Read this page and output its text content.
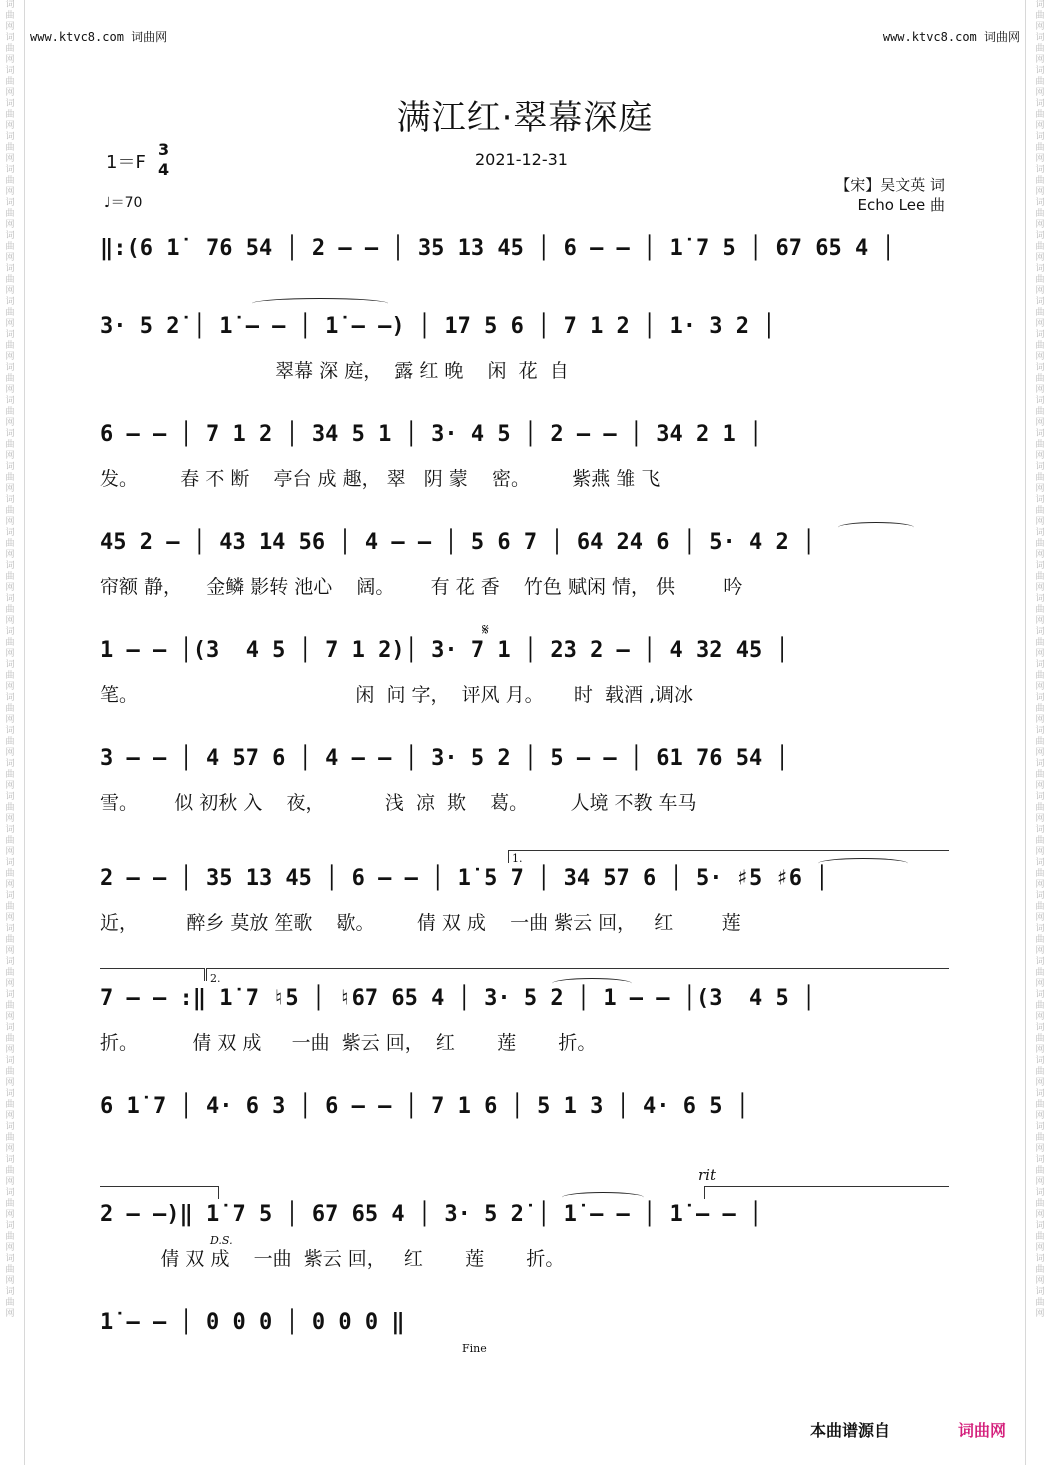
词曲网词曲网词曲网词曲网词曲网词曲网词曲网词曲网词曲网词曲网词曲网词曲网词曲网词曲网词曲网词曲网词曲网词曲网词曲网词曲网词曲网词曲网词曲网词曲网词曲网词曲网词曲网词曲网词曲网词曲网词曲网词曲网词曲网词曲网词曲网词曲网词曲网词曲网词曲网词曲网
词曲网词曲网词曲网词曲网词曲网词曲网词曲网词曲网词曲网词曲网词曲网词曲网词曲网词曲网词曲网词曲网词曲网词曲网词曲网词曲网词曲网词曲网词曲网词曲网词曲网词曲网词曲网词曲网词曲网词曲网词曲网词曲网词曲网词曲网词曲网词曲网词曲网词曲网词曲网词曲网
www.ktvc8.com 词曲网	www.ktvc8.com 词曲网
满江红·翠幕深庭
2021-12-31
1＝F
3
4
♩＝70
【宋】吴文英 词
Echo Lee 曲
‖:(6 1̇  76 54 │ 2 – – │ 35 13 45 │ 6 – – │ 1̇ 7 5 │ 67 65 4 │
3· 5 2̇ │ 1̇ – – │ 1̇ – –) │ 17 5 6 │ 7 1 2 │ 1· 3 2 │
翠幕 深 庭，  露 红 晚    闲  花  自
6 – – │ 7 1 2 │ 34 5 1 │ 3· 4 5 │ 2 – – │ 34 2 1 │
发。       春 不 断    亭台 成 趣， 翠   阴 蒙    密。       紫燕 雏 飞
45 2 – │ 43 14 56 │ 4 – – │ 5 6 7 │ 64 24 6 │ 5· 4 2 │
帘额 静，    金鳞 影转 池心    阔。      有 花 香    竹色 赋闲 情， 供        吟
𝄋
1 – – │(3  4 5 │ 7 1 2)│ 3· 7 1 │ 23 2 – │ 4 32 45 │
笔。                                    闲  问 字，  评风 月。     时  载酒 ,调冰
3 – – │ 4 57 6 │ 4 – – │ 3· 5 2 │ 5 – – │ 61 76 54 │
雪。      似 初秋 入    夜，          浅  凉  欺    葛。       人境 不教 车马
1.
2 – – │ 35 13 45 │ 6 – – │ 1̇ 5 7 │ 34 57 6 │ 5· ♯5 ♯6 │
近，        醉乡 莫放 笙歌    歇。       倩 双 成    一曲 紫云 回，   红        莲
2.
7 – – :‖ 1̇ 7 ♮5 │ ♮67 65 4 │ 3· 5 2 │ 1 – – │(3  4 5 │
折。         倩 双 成     一曲  紫云 回，  红       莲       折。
6 1̇ 7 │ 4· 6 3 │ 6 – – │ 7 1 6 │ 5 1 3 │ 4· 6 5 │
rit
2 – –)‖ 1̇ 7 5 │ 67 65 4 │ 3· 5 2̇ │ 1̇ – – │ 1̇ – – │
倩 双 成    一曲  紫云 回，   红       莲       折。
D.S.
1̇ – – │ 0 0 0 │ 0 0 0 ‖
Fine
本曲谱源自	词曲网
